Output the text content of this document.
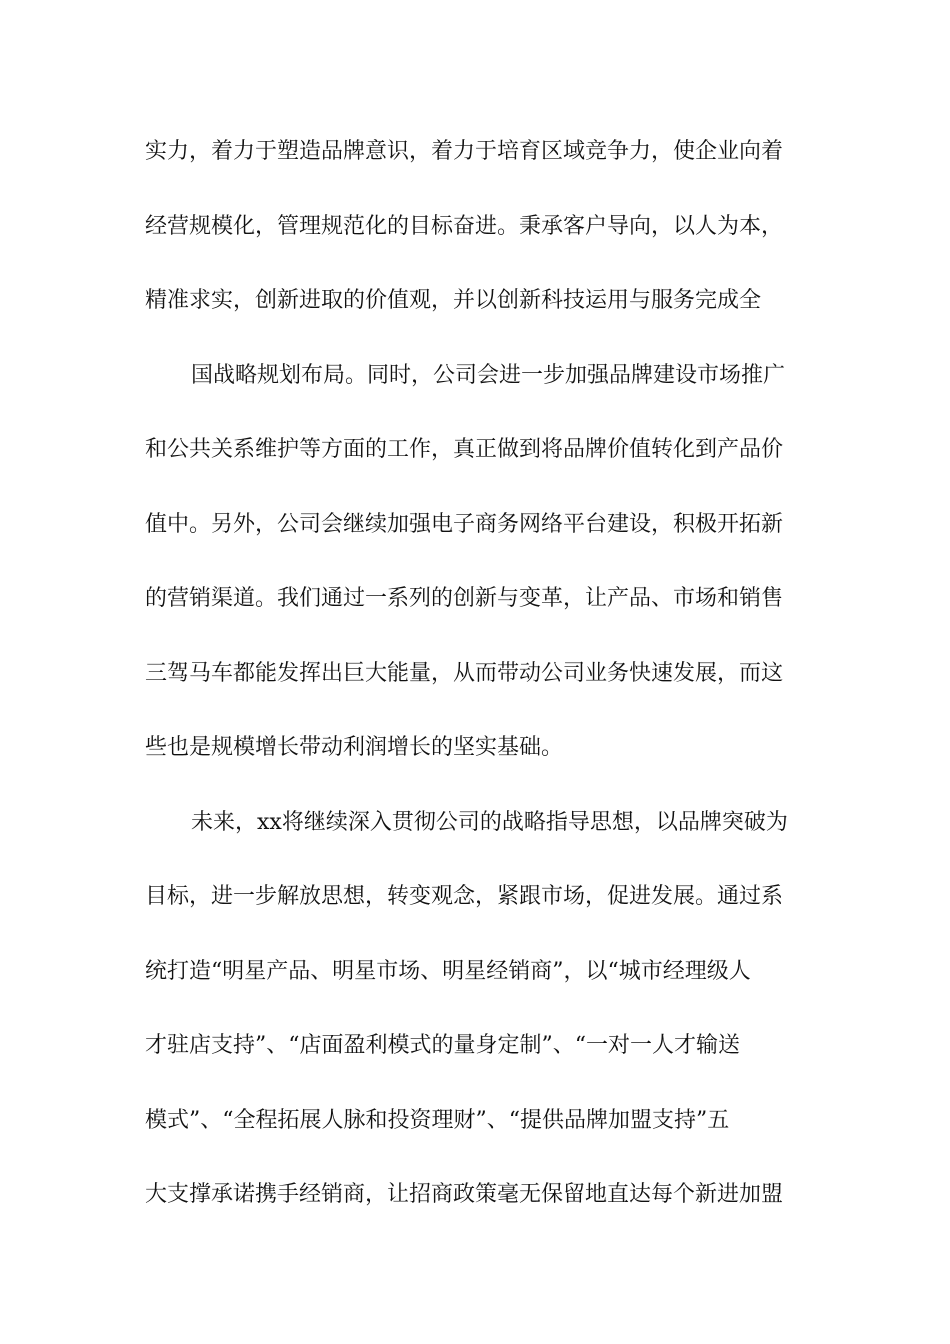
实力，着力于塑造品牌意识，着力于培育区域竞争力，使企业向着
经营规模化，管理规范化的目标奋进。秉承客户导向，以人为本，
精准求实，创新进取的价值观，并以创新科技运用与服务完成全
国战略规划布局。同时，公司会进一步加强品牌建设市场推广
和公共关系维护等方面的工作，真正做到将品牌价值转化到产品价
值中。另外，公司会继续加强电子商务网络平台建设，积极开拓新
的营销渠道。我们通过一系列的创新与变革，让产品、市场和销售
三驾马车都能发挥出巨大能量，从而带动公司业务快速发展，而这
些也是规模增长带动利润增长的坚实基础。
未来，xx将继续深入贯彻公司的战略指导思想，以品牌突破为
目标，进一步解放思想，转变观念，紧跟市场，促进发展。通过系
统打造“明星产品、明星市场、明星经销商”，以“城市经理级人
才驻店支持”、“店面盈利模式的量身定制”、“一对一人才输送
模式”、“全程拓展人脉和投资理财”、“提供品牌加盟支持”五
大支撑承诺携手经销商，让招商政策毫无保留地直达每个新进加盟
